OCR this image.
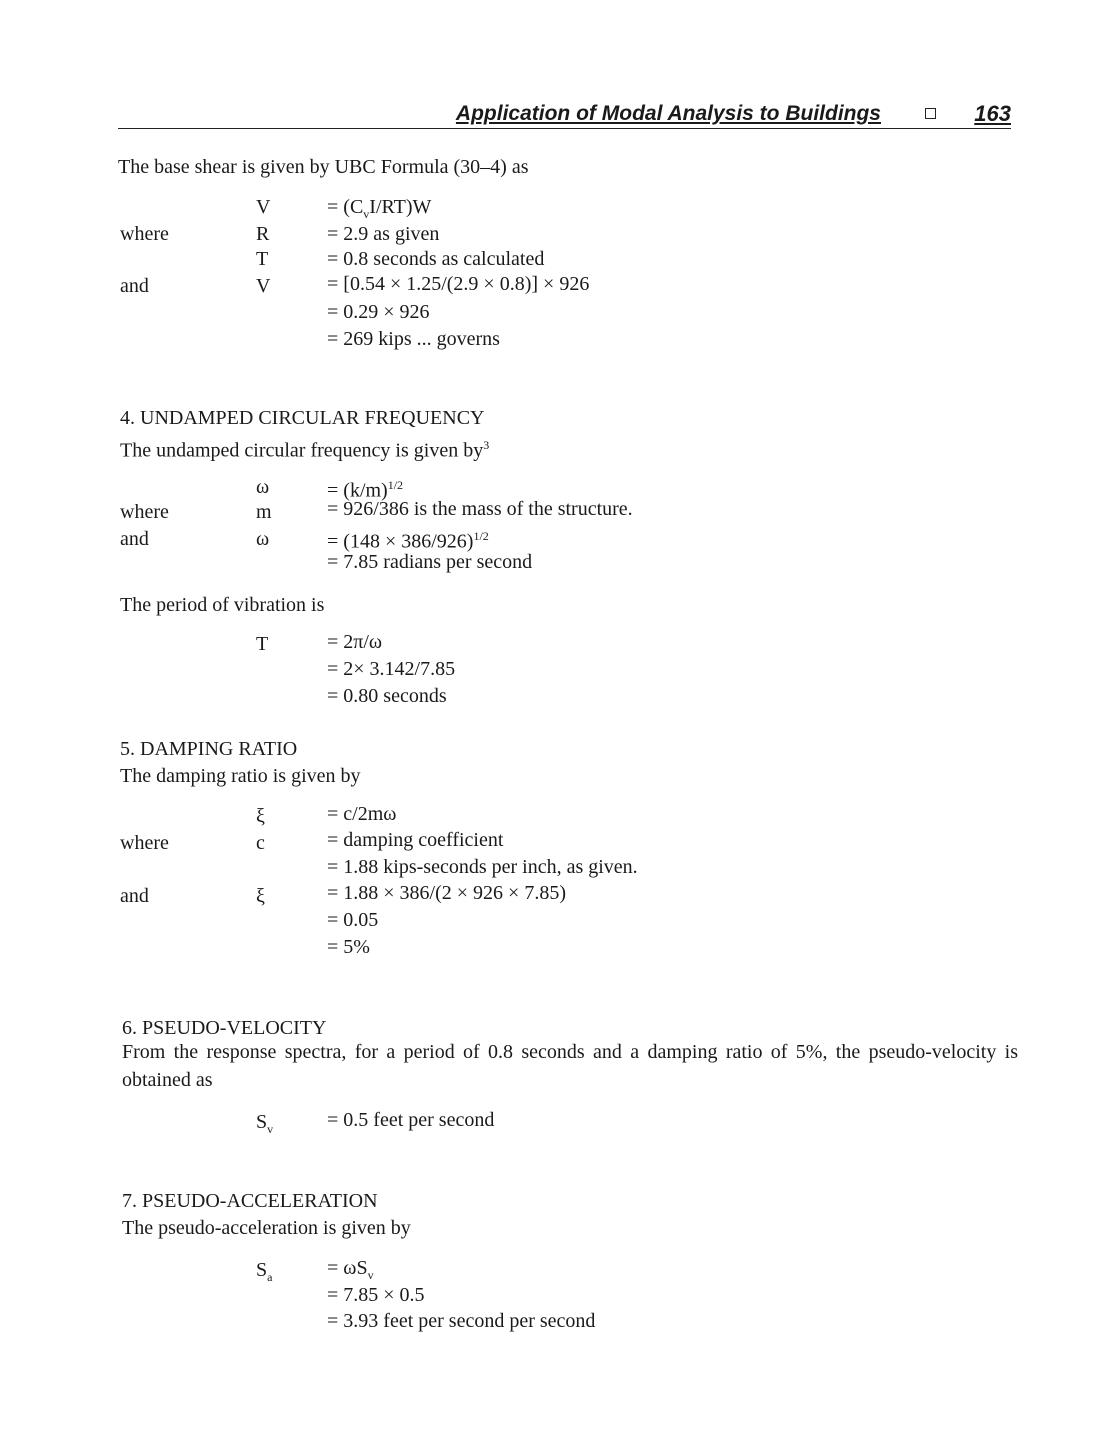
Application of Modal Analysis to Buildings	163
The base shear is given by UBC Formula (30–4) as
V	= $(C_vI/RT)W$
where	R	= 2.9 as given
T	= 0.8 seconds as calculated
and	V	= [0.54 × 1.25/(2.9 × 0.8)] × 926
= 0.29 × 926
= 269 kips ... governs
4. UNDAMPED CIRCULAR FREQUENCY
The undamped circular frequency is given $by^3$
ω	= $(k/m)^{1/2}$
where	m	= 926/386 is the mass of the structure.
and	ω	= $(148 \times 386/926)^{1/2}$
= 7.85 radians per second
The period of vibration is
T	= 2π/ω
= 2× 3.142/7.85
= 0.80 seconds
5. DAMPING RATIO
The damping ratio is given by
ξ	= c/2mω
where	c	= damping coefficient
= 1.88 kips-seconds per inch, as given.
and	ξ	= 1.88 × 386/(2 × 926 × 7.85)
= 0.05
= 5%
6. PSEUDO-VELOCITY
From the response spectra, for a period of 0.8 seconds and a damping ratio of 5%, the pseudo-velocity is obtained as
$S_v$	= 0.5 feet per second
7. PSEUDO-ACCELERATION
The pseudo-acceleration is given by
$S_a$	= $\omega S_v$
= 7.85 × 0.5
= 3.93 feet per second per second
